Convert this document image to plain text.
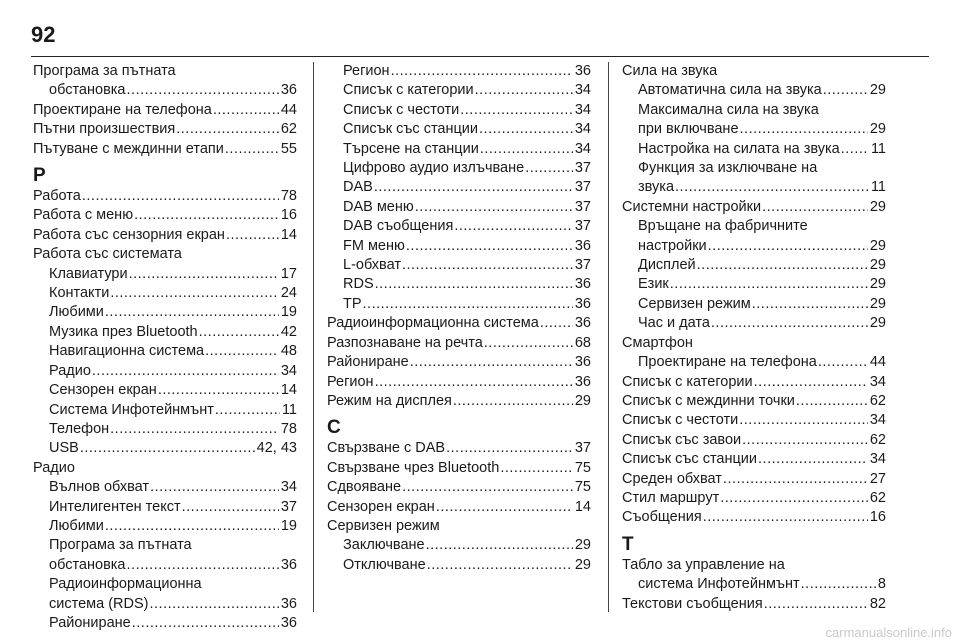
92
Програма за пътната
обстановка .....	36
Проектиране на телефона .....	44
Пътни произшествия .....	62
Пътуване с междинни етапи .....	55
Р
Работа .....	78
Работа с меню .....	16
Работа със сензорния екран .....	14
Работа със системата
Клавиатури .....	17
Контакти .....	24
Любими .....	19
Музика през Bluetooth .....	42
Навигационна система .....	48
Радио .....	34
Сензорен екран .....	14
Система Инфотейнмънт .....	11
Телефон .....	78
USB .....	42, 43
Радио
Вълнов обхват .....	34
Интелигентен текст .....	37
Любими .....	19
Програма за пътната
обстановка .....	36
Радиоинформационна
система (RDS) .....	36
Райониране .....	36
Регион .....	36
Списък с категории .....	34
Списък с честоти .....	34
Списък със станции .....	34
Търсене на станции .....	34
Цифрово аудио излъчване .....	37
DAB .....	37
DAB меню .....	37
DAB съобщения .....	37
FM меню .....	36
L-обхват .....	37
RDS .....	36
TP .....	36
Радиоинформационна система ..... 36
Разпознаване на речта .....	68
Райониране .....	36
Регион .....	36
Режим на дисплея .....	29
С
Свързване с DAB .....	37
Свързване чрез Bluetooth .....	75
Сдвояване .....	75
Сензорен екран .....	14
Сервизен режим
Заключване .....	29
Отключване .....	29
Сила на звука
Автоматична сила на звука .....	29
Максимална сила на звука
при включване .....	29
Настройка на силата на звука ..... 11
Функция за изключване на
звука .....	11
Системни настройки .....	29
Връщане на фабричните
настройки .....	29
Дисплей .....	29
Език .....	29
Сервизен режим .....	29
Час и дата .....	29
Смартфон
Проектиране на телефона .....	44
Списък с категории .....	34
Списък с междинни точки .....	62
Списък с честоти .....	34
Списък със завои .....	62
Списък със станции .....	34
Среден обхват .....	27
Стил маршрут .....	62
Съобщения .....	16
Т
Табло за управление на
система Инфотейнмънт .....	8
Текстови съобщения .....	82
carmanualsonline.info
